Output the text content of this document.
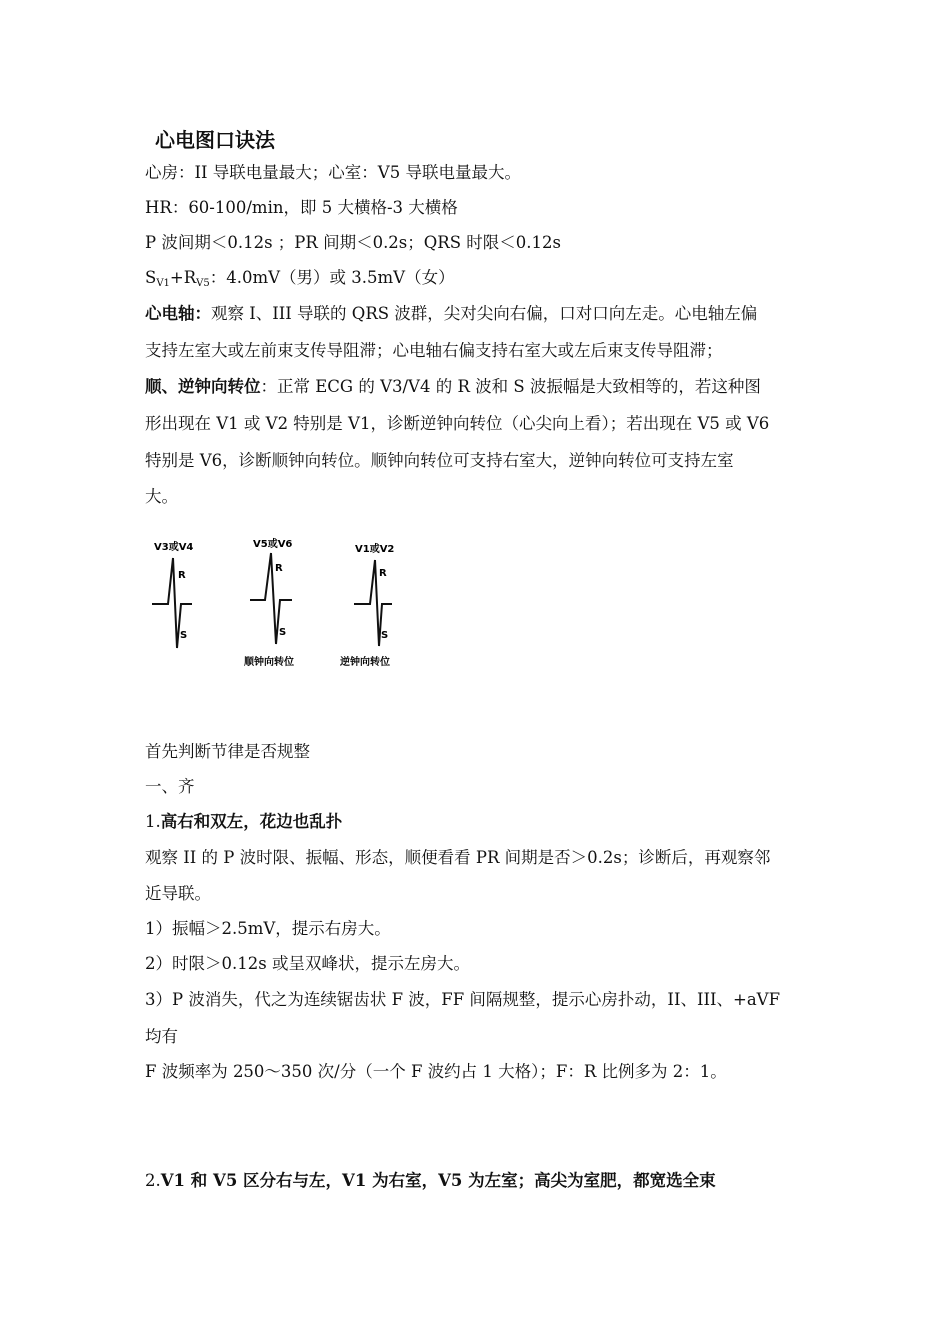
心电图口诀法
心房：II 导联电量最大；心室：V5 导联电量最大。
HR：60-100/min，即 5 大横格-3 大横格
P 波间期＜0.12s ；PR 间期＜0.2s；QRS 时限＜0.12s
$S_{V1}+R_{V5}$：4.0mV（男）或 3.5mV（女）
心电轴：观察 I、III 导联的 QRS 波群，尖对尖向右偏，口对口向左走。心电轴左偏
支持左室大或左前束支传导阻滞；心电轴右偏支持右室大或左后束支传导阻滞；
顺、逆钟向转位：正常 ECG 的 V3/V4 的 R 波和 S 波振幅是大致相等的，若这种图
形出现在 V1 或 V2 特别是 V1，诊断逆钟向转位（心尖向上看）；若出现在 V5 或 V6
特别是 V6，诊断顺钟向转位。顺钟向转位可支持右室大，逆钟向转位可支持左室
大。
V3或V4
R
S
V5或V6
R
S
顺钟向转位
V1或V2
R
S
逆钟向转位
首先判断节律是否规整
一、齐
1.高右和双左，花边也乱扑
观察 II 的 P 波时限、振幅、形态，顺便看看 PR 间期是否＞0.2s；诊断后，再观察邻
近导联。
1）振幅＞2.5mV，提示右房大。
2）时限＞0.12s 或呈双峰状，提示左房大。
3）P 波消失，代之为连续锯齿状 F 波，FF 间隔规整，提示心房扑动，II、III、+aVF
均有
F 波频率为 250～350 次/分（一个 F 波约占 1 大格）；F：R 比例多为 2：1。
2.V1 和 V5 区分右与左，V1 为右室，V5 为左室；高尖为室肥，都宽选全束
